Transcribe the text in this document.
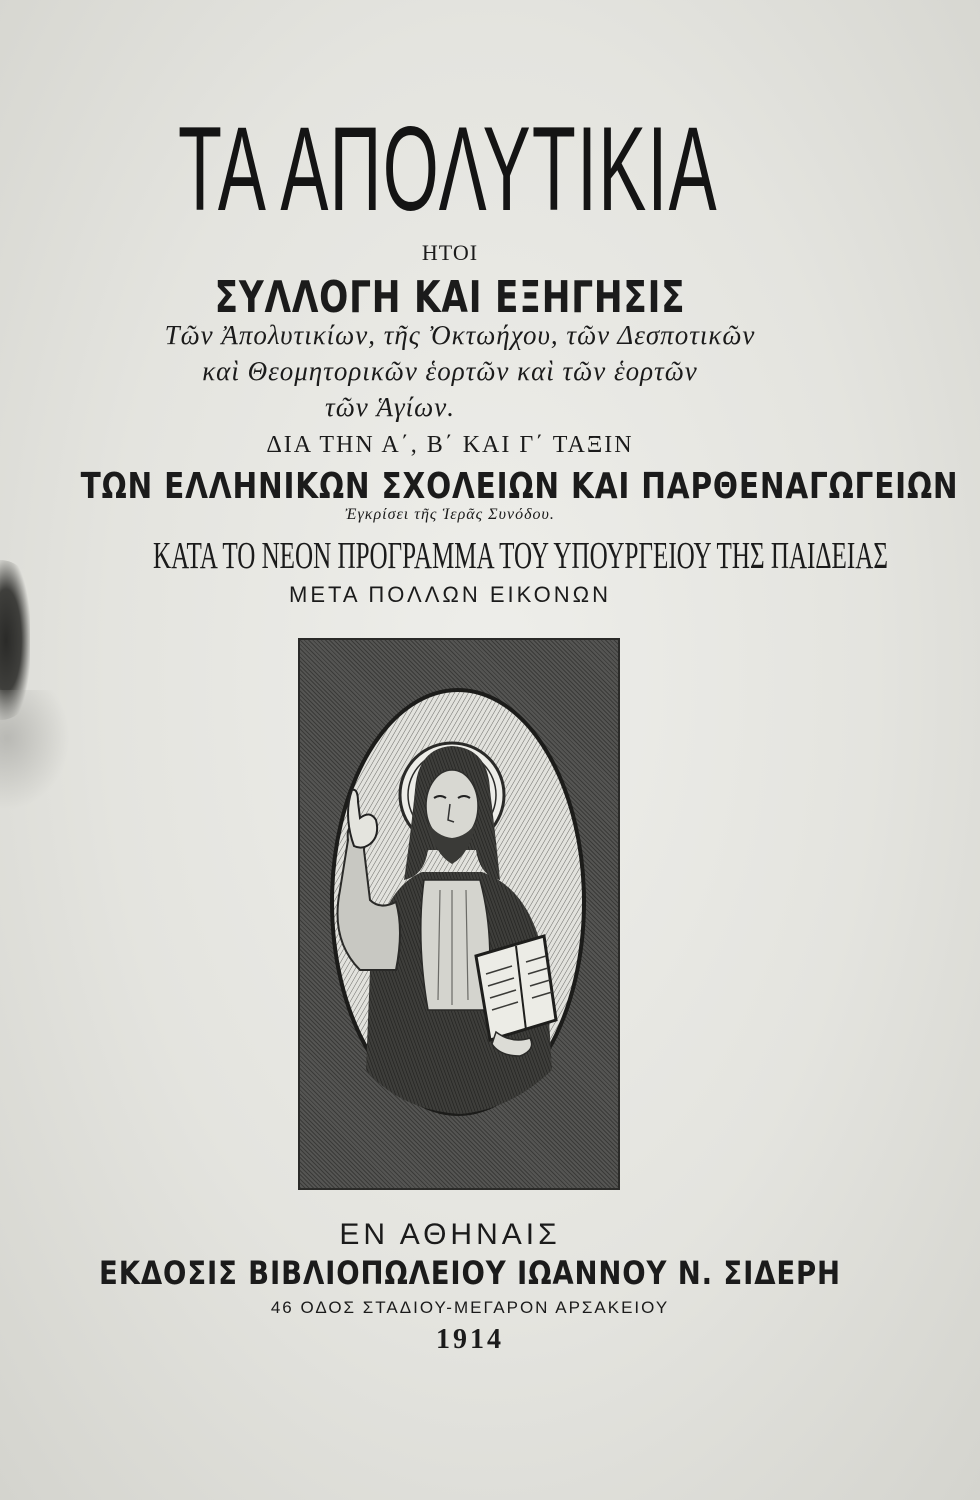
ΤΑ ΑΠΟΛΥΤΙΚΙΑ
ΗΤΟΙ
ΣΥΛΛΟΓΗ ΚΑΙ ΕΞΗΓΗΣΙΣ
Τῶν Ἀπολυτικίων, τῆς Ὀκτωήχου, τῶν Δεσποτικῶν
καὶ Θεομητορικῶν ἑορτῶν καὶ τῶν ἑορτῶν
τῶν Ἁγίων.
ΔΙΑ ΤΗΝ Α΄, Β΄ ΚΑΙ Γ΄ ΤΑΞΙΝ
ΤΩΝ ΕΛΛΗΝΙΚΩΝ ΣΧΟΛΕΙΩΝ ΚΑΙ ΠΑΡΘΕΝΑΓΩΓΕΙΩΝ
Ἐγκρίσει τῆς Ἱερᾶς Συνόδου.
ΚΑΤΑ ΤΟ ΝΕΟΝ ΠΡΟΓΡΑΜΜΑ ΤΟΥ ΥΠΟΥΡΓΕΙΟΥ ΤΗΣ ΠΑΙΔΕΙΑΣ
ΜΕΤΑ ΠΟΛΛΩΝ ΕΙΚΟΝΩΝ
ΕΝ ΑΘΗΝΑΙΣ
ΕΚΔΟΣΙΣ ΒΙΒΛΙΟΠΩΛΕΙΟΥ ΙΩΑΝΝΟΥ Ν. ΣΙΔΕΡΗ
46 ΟΔΟΣ ΣΤΑΔΙΟΥ-ΜΕΓΑΡΟΝ ΑΡΣΑΚΕΙΟΥ
1914
